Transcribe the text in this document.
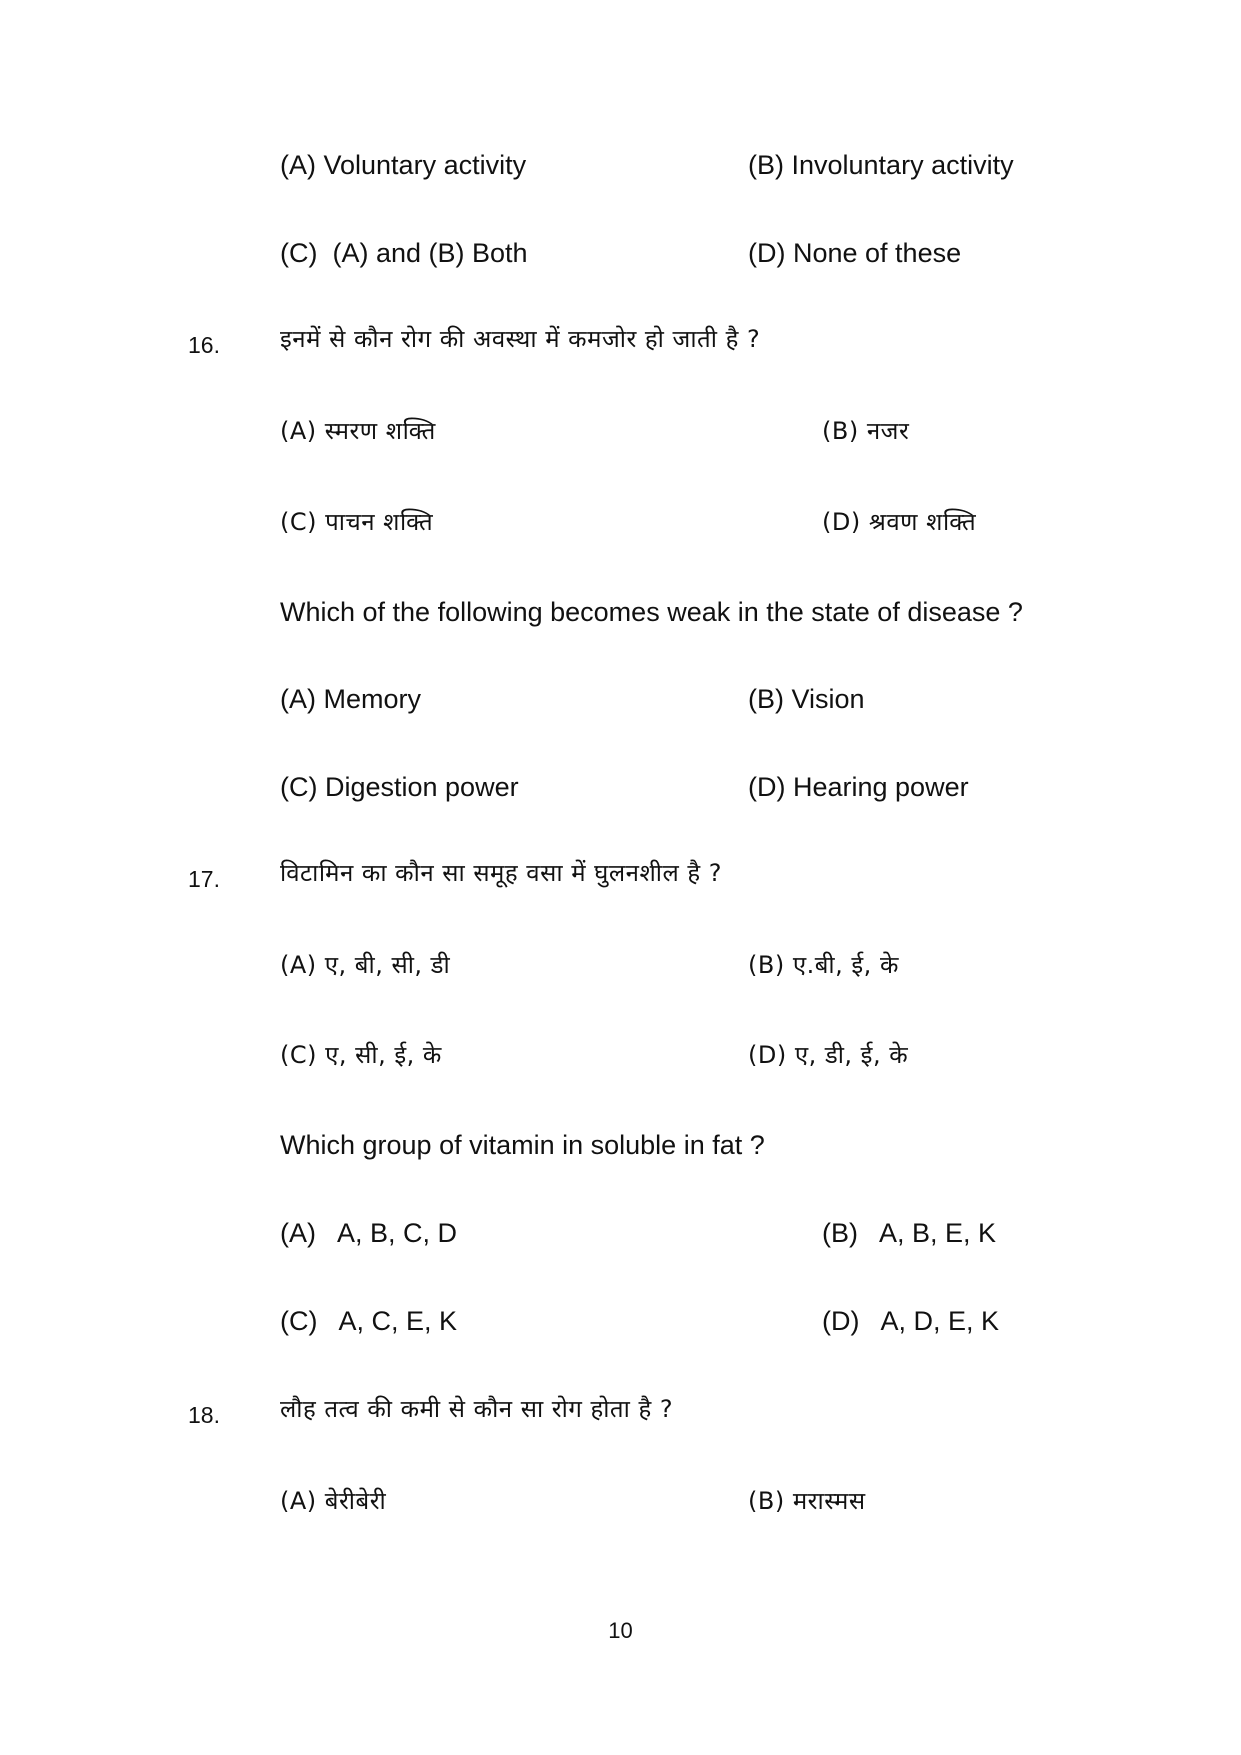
(A) Voluntary activity	(B) Involuntary activity
(C)  (A) and (B) Both	(D) None of these
16.	इनमें से कौन रोग की अवस्था में कमजोर हो जाती है ?
(A) स्मरण शक्ति	(B) नजर
(C) पाचन शक्ति	(D) श्रवण शक्ति
Which of the following becomes weak in the state of disease ?
(A) Memory	(B) Vision
(C) Digestion power	(D) Hearing power
17.	विटामिन का कौन सा समूह वसा में घुलनशील है ?
(A) ए, बी, सी, डी	(B) ए.बी, ई, के
(C) ए, सी, ई, के	(D) ए, डी, ई, के
Which group of vitamin in soluble in fat ?
(A)   A, B, C, D	(B)   A, B, E, K
(C)   A, C, E, K	(D)   A, D, E, K
18.	लौह तत्व की कमी से कौन सा रोग होता है ?
(A) बेरीबेरी	(B) मरास्मस
10
